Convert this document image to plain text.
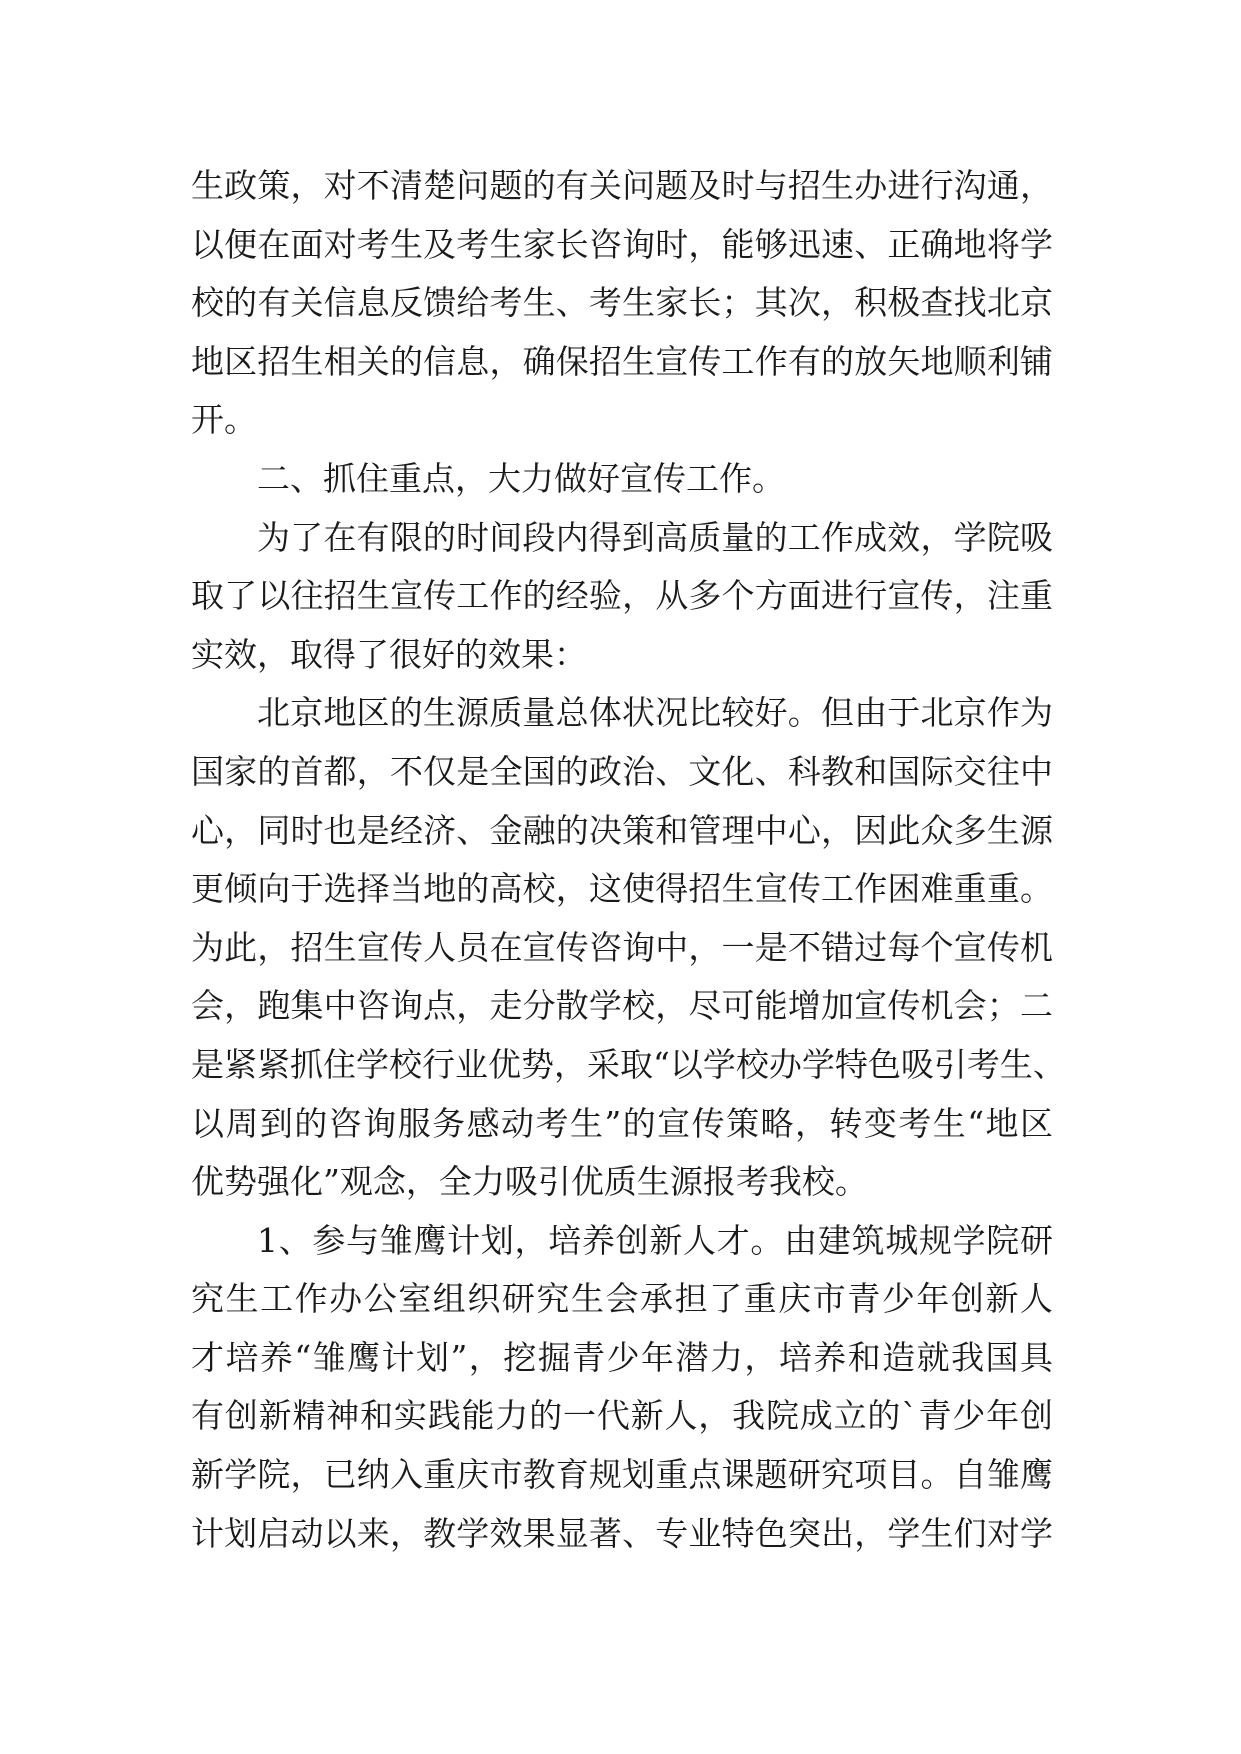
生政策，对不清楚问题的有关问题及时与招生办进行沟通，
以便在面对考生及考生家长咨询时，能够迅速、正确地将学
校的有关信息反馈给考生、考生家长；其次，积极查找北京
地区招生相关的信息，确保招生宣传工作有的放矢地顺利铺
开。
二、抓住重点，大力做好宣传工作。
为了在有限的时间段内得到高质量的工作成效，学院吸
取了以往招生宣传工作的经验，从多个方面进行宣传，注重
实效，取得了很好的效果：
北京地区的生源质量总体状况比较好。但由于北京作为
国家的首都，不仅是全国的政治、文化、科教和国际交往中
心，同时也是经济、金融的决策和管理中心，因此众多生源
更倾向于选择当地的高校，这使得招生宣传工作困难重重。
为此，招生宣传人员在宣传咨询中，一是不错过每个宣传机
会，跑集中咨询点，走分散学校，尽可能增加宣传机会；二
是紧紧抓住学校行业优势，采取“以学校办学特色吸引考生、
以周到的咨询服务感动考生”的宣传策略，转变考生“地区
优势强化”观念，全力吸引优质生源报考我校。
1、参与雏鹰计划，培养创新人才。由建筑城规学院研
究生工作办公室组织研究生会承担了重庆市青少年创新人
才培养“雏鹰计划”，挖掘青少年潜力，培养和造就我国具
有创新精神和实践能力的一代新人，我院成立的`青少年创
新学院，已纳入重庆市教育规划重点课题研究项目。自雏鹰
计划启动以来，教学效果显著、专业特色突出，学生们对学
